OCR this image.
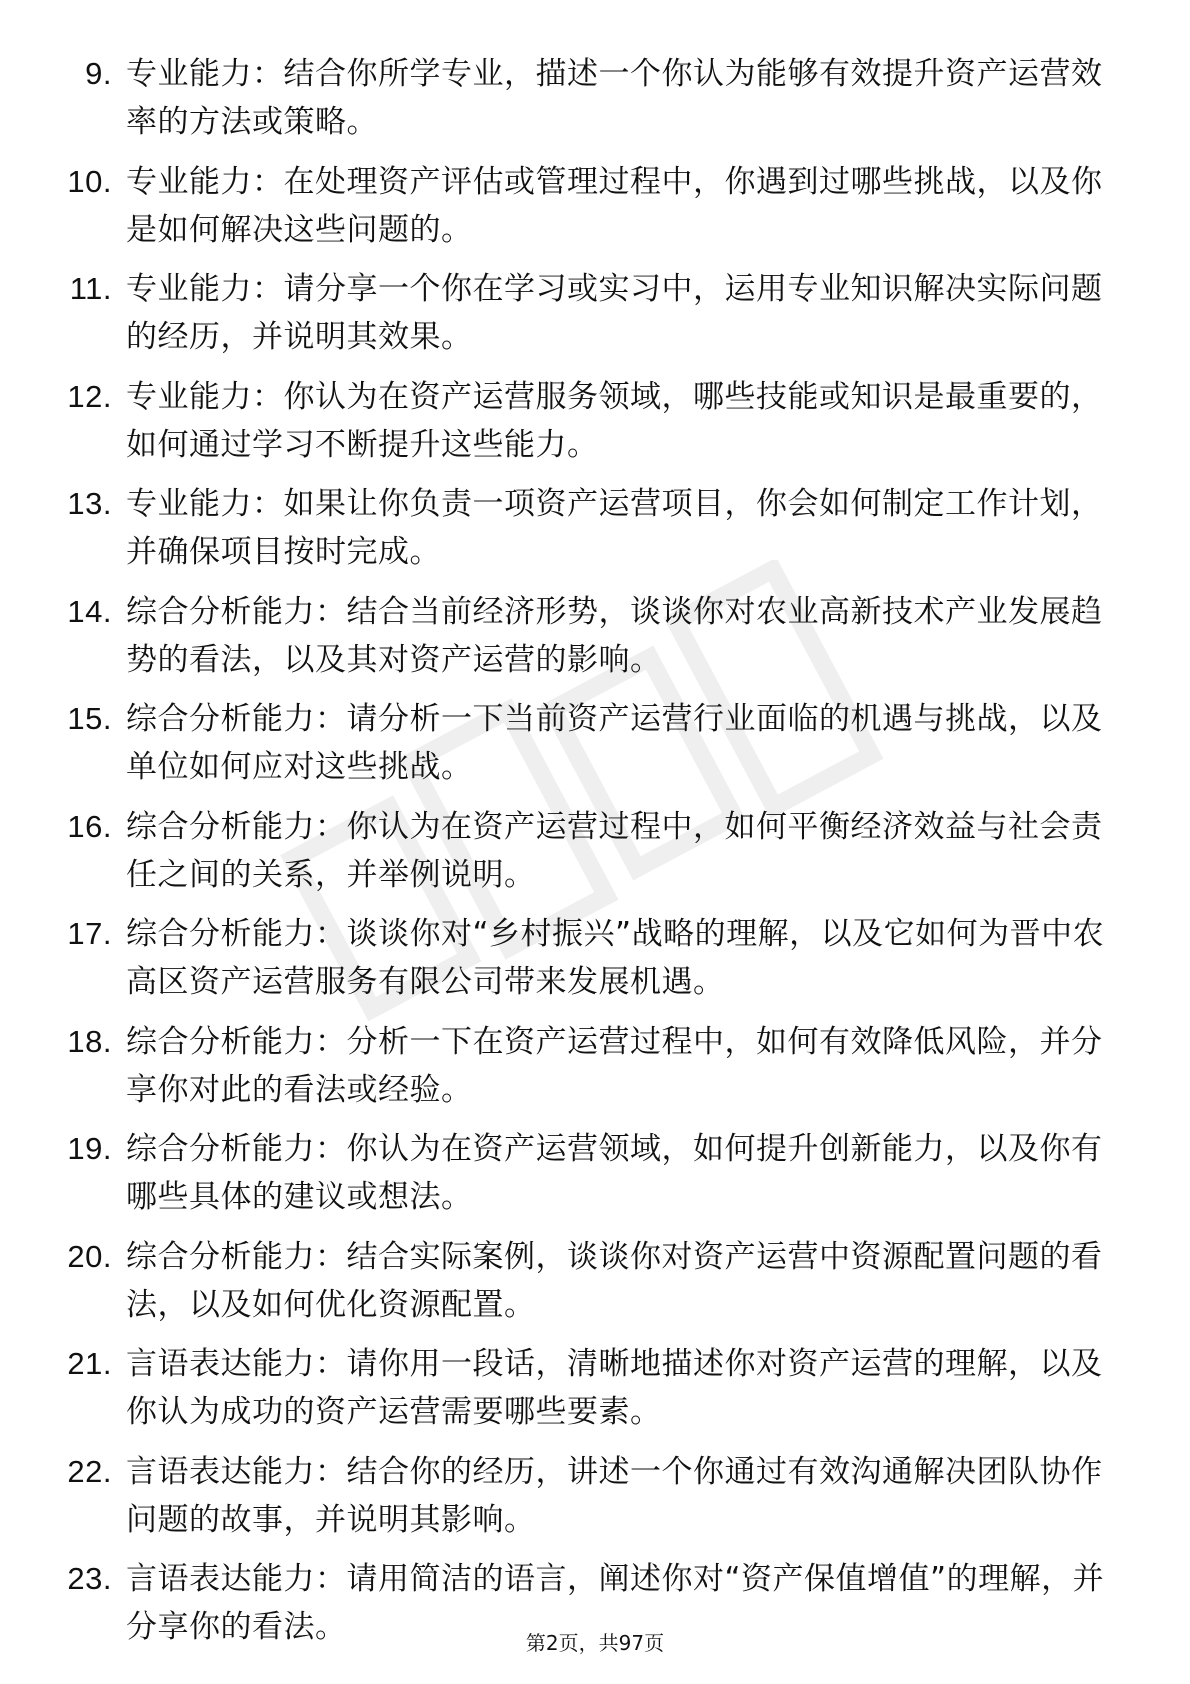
9. 专业能力：结合你所学专业，描述一个你认为能够有效提升资产运营效率的方法或策略。
10. 专业能力：在处理资产评估或管理过程中，你遇到过哪些挑战，以及你是如何解决这些问题的。
11. 专业能力：请分享一个你在学习或实习中，运用专业知识解决实际问题的经历，并说明其效果。
12. 专业能力：你认为在资产运营服务领域，哪些技能或知识是最重要的，如何通过学习不断提升这些能力。
13. 专业能力：如果让你负责一项资产运营项目，你会如何制定工作计划，并确保项目按时完成。
14. 综合分析能力：结合当前经济形势，谈谈你对农业高新技术产业发展趋势的看法，以及其对资产运营的影响。
15. 综合分析能力：请分析一下当前资产运营行业面临的机遇与挑战，以及单位如何应对这些挑战。
16. 综合分析能力：你认为在资产运营过程中，如何平衡经济效益与社会责任之间的关系，并举例说明。
17. 综合分析能力：谈谈你对“乡村振兴”战略的理解，以及它如何为晋中农高区资产运营服务有限公司带来发展机遇。
18. 综合分析能力：分析一下在资产运营过程中，如何有效降低风险，并分享你对此的看法或经验。
19. 综合分析能力：你认为在资产运营领域，如何提升创新能力，以及你有哪些具体的建议或想法。
20. 综合分析能力：结合实际案例，谈谈你对资产运营中资源配置问题的看法，以及如何优化资源配置。
21. 言语表达能力：请你用一段话，清晰地描述你对资产运营的理解，以及你认为成功的资产运营需要哪些要素。
22. 言语表达能力：结合你的经历，讲述一个你通过有效沟通解决团队协作问题的故事，并说明其影响。
23. 言语表达能力：请用简洁的语言，阐述你对“资产保值增值”的理解，并分享你的看法。	第2页，共97页
